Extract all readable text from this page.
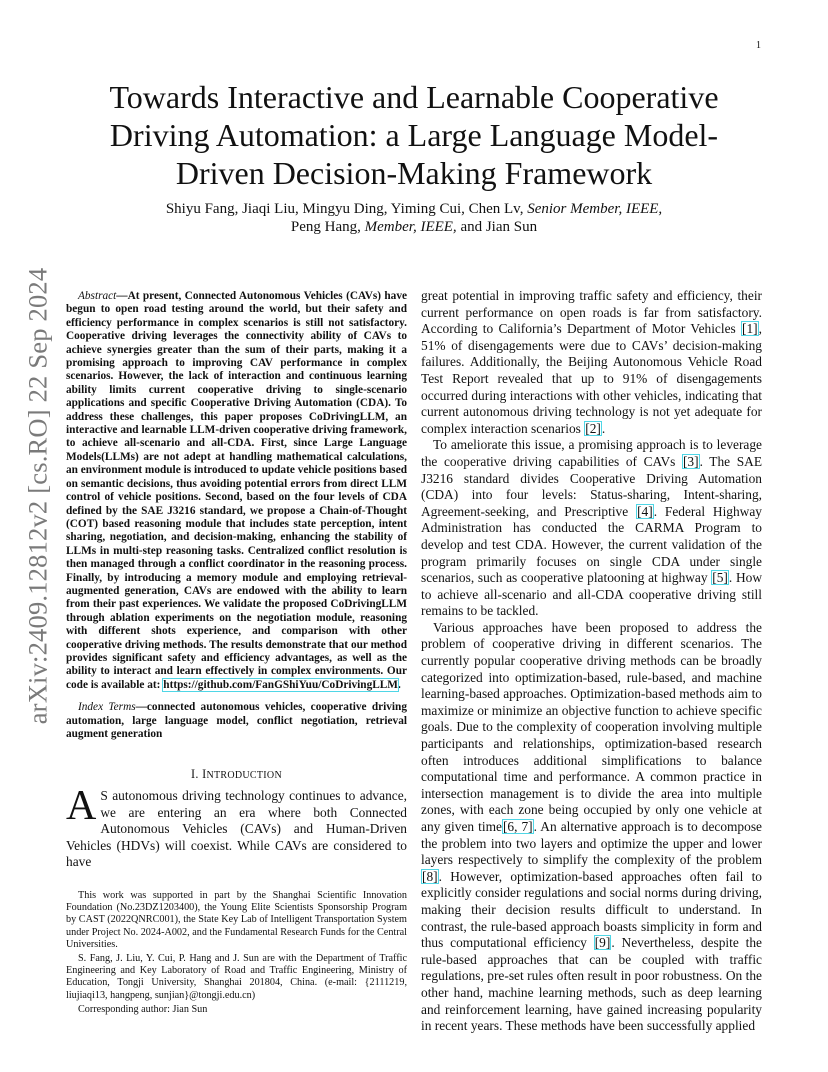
1
arXiv:2409.12812v2 [cs.RO] 22 Sep 2024
Towards Interactive and Learnable Cooperative Driving Automation: a Large Language Model-Driven Decision-Making Framework
Shiyu Fang, Jiaqi Liu, Mingyu Ding, Yiming Cui, Chen Lv, Senior Member, IEEE,
Peng Hang, Member, IEEE, and Jian Sun

Abstract—At present, Connected Autonomous Vehicles (CAVs) have begun to open road testing around the world, but their safety and efficiency performance in complex scenarios is still not satisfactory. Cooperative driving leverages the connectivity ability of CAVs to achieve synergies greater than the sum of their parts, making it a promising approach to improving CAV performance in complex scenarios. However, the lack of interaction and continuous learning ability limits current cooperative driving to single-scenario applications and specific Cooperative Driving Automation (CDA). To address these challenges, this paper proposes CoDrivingLLM, an interactive and learnable LLM-driven cooperative driving framework, to achieve all-scenario and all-CDA. First, since Large Language Models(LLMs) are not adept at handling mathematical calculations, an environment module is introduced to update vehicle positions based on semantic decisions, thus avoiding potential errors from direct LLM control of vehicle positions. Second, based on the four levels of CDA defined by the SAE J3216 standard, we propose a Chain-of-Thought (COT) based reasoning module that includes state perception, intent sharing, negotiation, and decision-making, enhancing the stability of LLMs in multi-step reasoning tasks. Centralized conflict resolution is then managed through a conflict coordinator in the reasoning process. Finally, by introducing a memory module and employing retrieval-augmented generation, CAVs are endowed with the ability to learn from their past experiences. We validate the proposed CoDrivingLLM through ablation experiments on the negotiation module, reasoning with different shots experience, and comparison with other cooperative driving methods. The results demonstrate that our method provides significant safety and efficiency advantages, as well as the ability to interact and learn effectively in complex environments. Our code is available at: https://github.com/FanGShiYuu/CoDrivingLLM.

Index Terms—connected autonomous vehicles, cooperative driving automation, large language model, conflict negotiation, retrieval augment generation

I. INTRODUCTION

A S autonomous driving technology continues to advance, we are entering an era where both Connected Autonomous Vehicles (CAVs) and Human-Driven Vehicles (HDVs) will coexist. While CAVs are considered to have

This work was supported in part by the Shanghai Scientific Innovation Foundation (No.23DZ1203400), the Young Elite Scientists Sponsorship Program by CAST (2022QNRC001), the State Key Lab of Intelligent Transportation System under Project No. 2024-A002, and the Fundamental Research Funds for the Central Universities.

S. Fang, J. Liu, Y. Cui, P. Hang and J. Sun are with the Department of Traffic Engineering and Key Laboratory of Road and Traffic Engineering, Ministry of Education, Tongji University, Shanghai 201804, China. (e-mail: {2111219, liujiaqi13, hangpeng, sunjian}@tongji.edu.cn)

Corresponding author: Jian Sun

great potential in improving traffic safety and efficiency, their current performance on open roads is far from satisfactory. According to California’s Department of Motor Vehicles [1], 51% of disengagements were due to CAVs’ decision-making failures. Additionally, the Beijing Autonomous Vehicle Road Test Report revealed that up to 91% of disengagements occurred during interactions with other vehicles, indicating that current autonomous driving technology is not yet adequate for complex interaction scenarios [2].

To ameliorate this issue, a promising approach is to leverage the cooperative driving capabilities of CAVs [3]. The SAE J3216 standard divides Cooperative Driving Automation (CDA) into four levels: Status-sharing, Intent-sharing, Agreement-seeking, and Prescriptive [4]. Federal Highway Administration has conducted the CARMA Program to develop and test CDA. However, the current validation of the program primarily focuses on single CDA under single scenarios, such as cooperative platooning at highway [5]. How to achieve all-scenario and all-CDA cooperative driving still remains to be tackled.

Various approaches have been proposed to address the problem of cooperative driving in different scenarios. The currently popular cooperative driving methods can be broadly categorized into optimization-based, rule-based, and machine learning-based approaches. Optimization-based methods aim to maximize or minimize an objective function to achieve specific goals. Due to the complexity of cooperation involving multiple participants and relationships, optimization-based research often introduces additional simplifications to balance computational time and performance. A common practice in intersection management is to divide the area into multiple zones, with each zone being occupied by only one vehicle at any given time[6, 7]. An alternative approach is to decompose the problem into two layers and optimize the upper and lower layers respectively to simplify the complexity of the problem [8]. However, optimization-based approaches often fail to explicitly consider regulations and social norms during driving, making their decision results difficult to understand. In contrast, the rule-based approach boasts simplicity in form and thus computational efficiency [9]. Nevertheless, despite the rule-based approaches that can be coupled with traffic regulations, pre-set rules often result in poor robustness. On the other hand, machine learning methods, such as deep learning and reinforcement learning, have gained increasing popularity in recent years. These methods have been successfully applied
